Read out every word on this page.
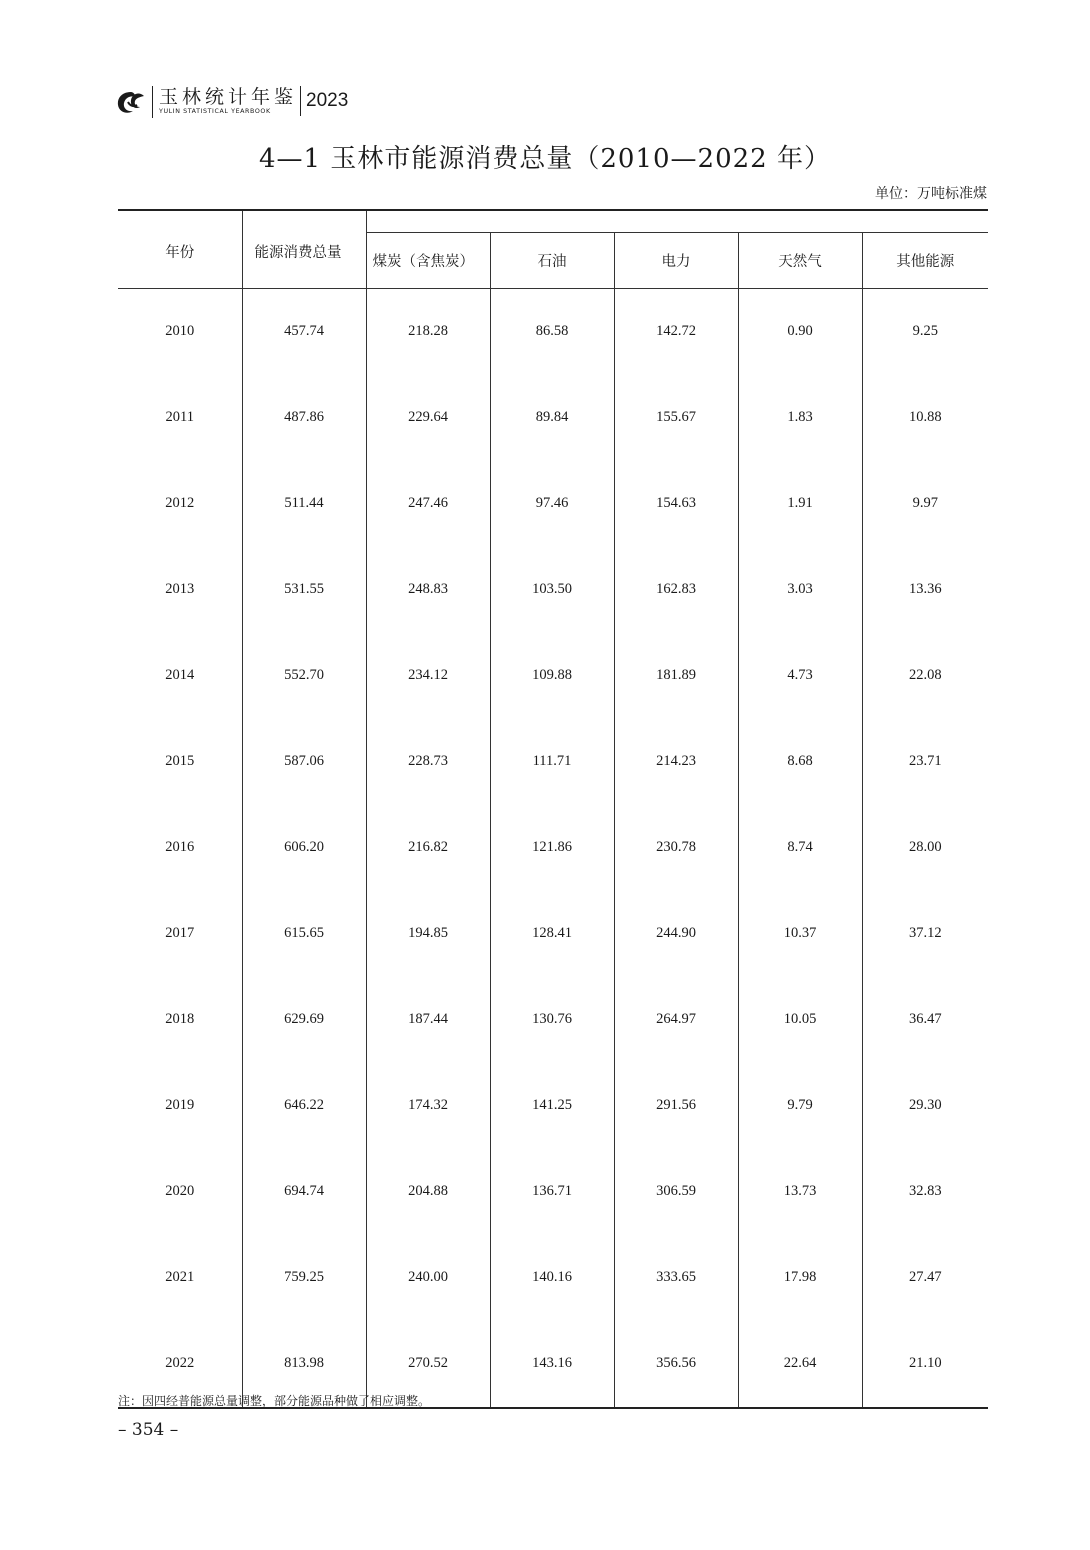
玉林统计年鉴
YULIN STATISTICAL YEARBOOK
2023
4—1 玉林市能源消费总量（2010—2022 年）
单位：万吨标准煤
年份	能源消费总量					
		煤炭（含焦炭）	石油	电力	天然气	其他能源
2010	457.74	218.28	86.58	142.72	0.90	9.25
2011	487.86	229.64	89.84	155.67	1.83	10.88
2012	511.44	247.46	97.46	154.63	1.91	9.97
2013	531.55	248.83	103.50	162.83	3.03	13.36
2014	552.70	234.12	109.88	181.89	4.73	22.08
2015	587.06	228.73	111.71	214.23	8.68	23.71
2016	606.20	216.82	121.86	230.78	8.74	28.00
2017	615.65	194.85	128.41	244.90	10.37	37.12
2018	629.69	187.44	130.76	264.97	10.05	36.47
2019	646.22	174.32	141.25	291.56	9.79	29.30
2020	694.74	204.88	136.71	306.59	13.73	32.83
2021	759.25	240.00	140.16	333.65	17.98	27.47
2022	813.98	270.52	143.16	356.56	22.64	21.10
注：因四经普能源总量调整，部分能源品种做了相应调整。
– 354 –
